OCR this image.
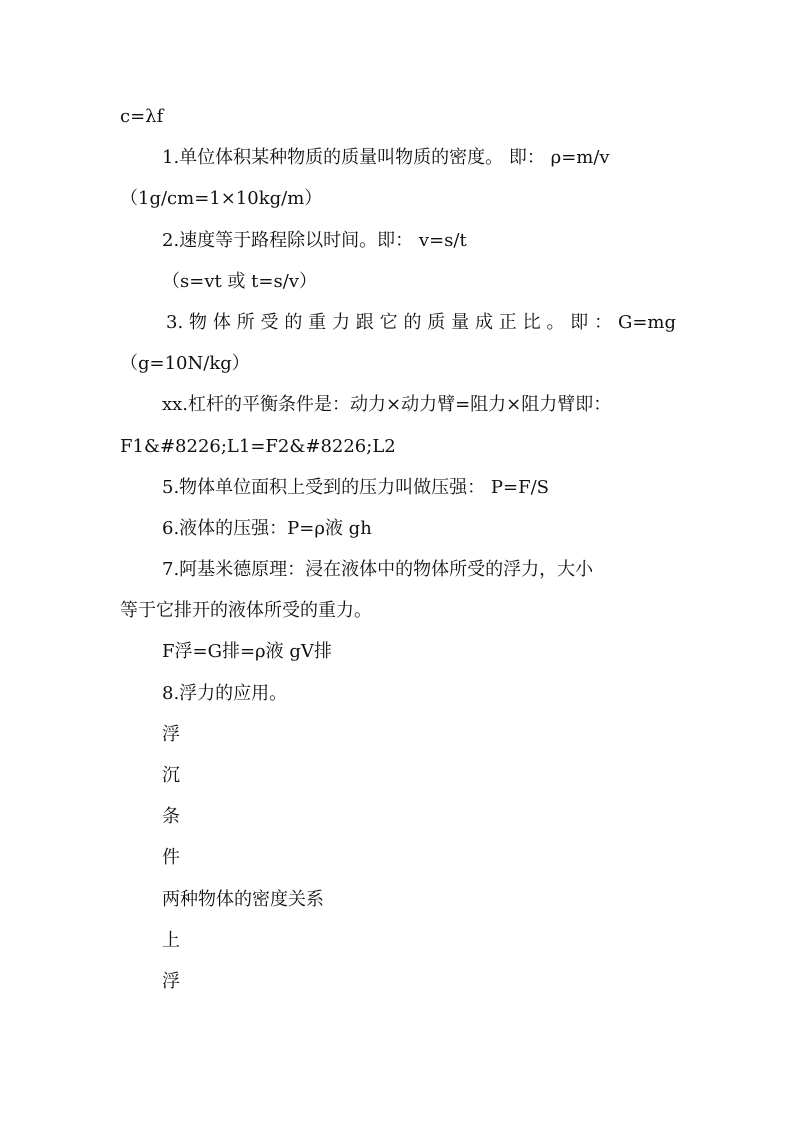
c=λf
1.单位体积某种物质的质量叫物质的密度。 即： ρ=m/v
（1g/cm=1×10kg/m）
2.速度等于路程除以时间。即： v=s/t
（s=vt 或 t=s/v）
3.物体所受的重力跟它的质量成正比。即：G=mg
（g=10N/kg）
xx.杠杆的平衡条件是：动力×动力臂=阻力×阻力臂即：
F1&#8226;L1=F2&#8226;L2
5.物体单位面积上受到的压力叫做压强： P=F/S
6.液体的压强：P=ρ液 gh
7.阿基米德原理：浸在液体中的物体所受的浮力，大小
等于它排开的液体所受的重力。
F浮=G排=ρ液 gV排
8.浮力的应用。
浮
沉
条
件
两种物体的密度关系
上
浮
